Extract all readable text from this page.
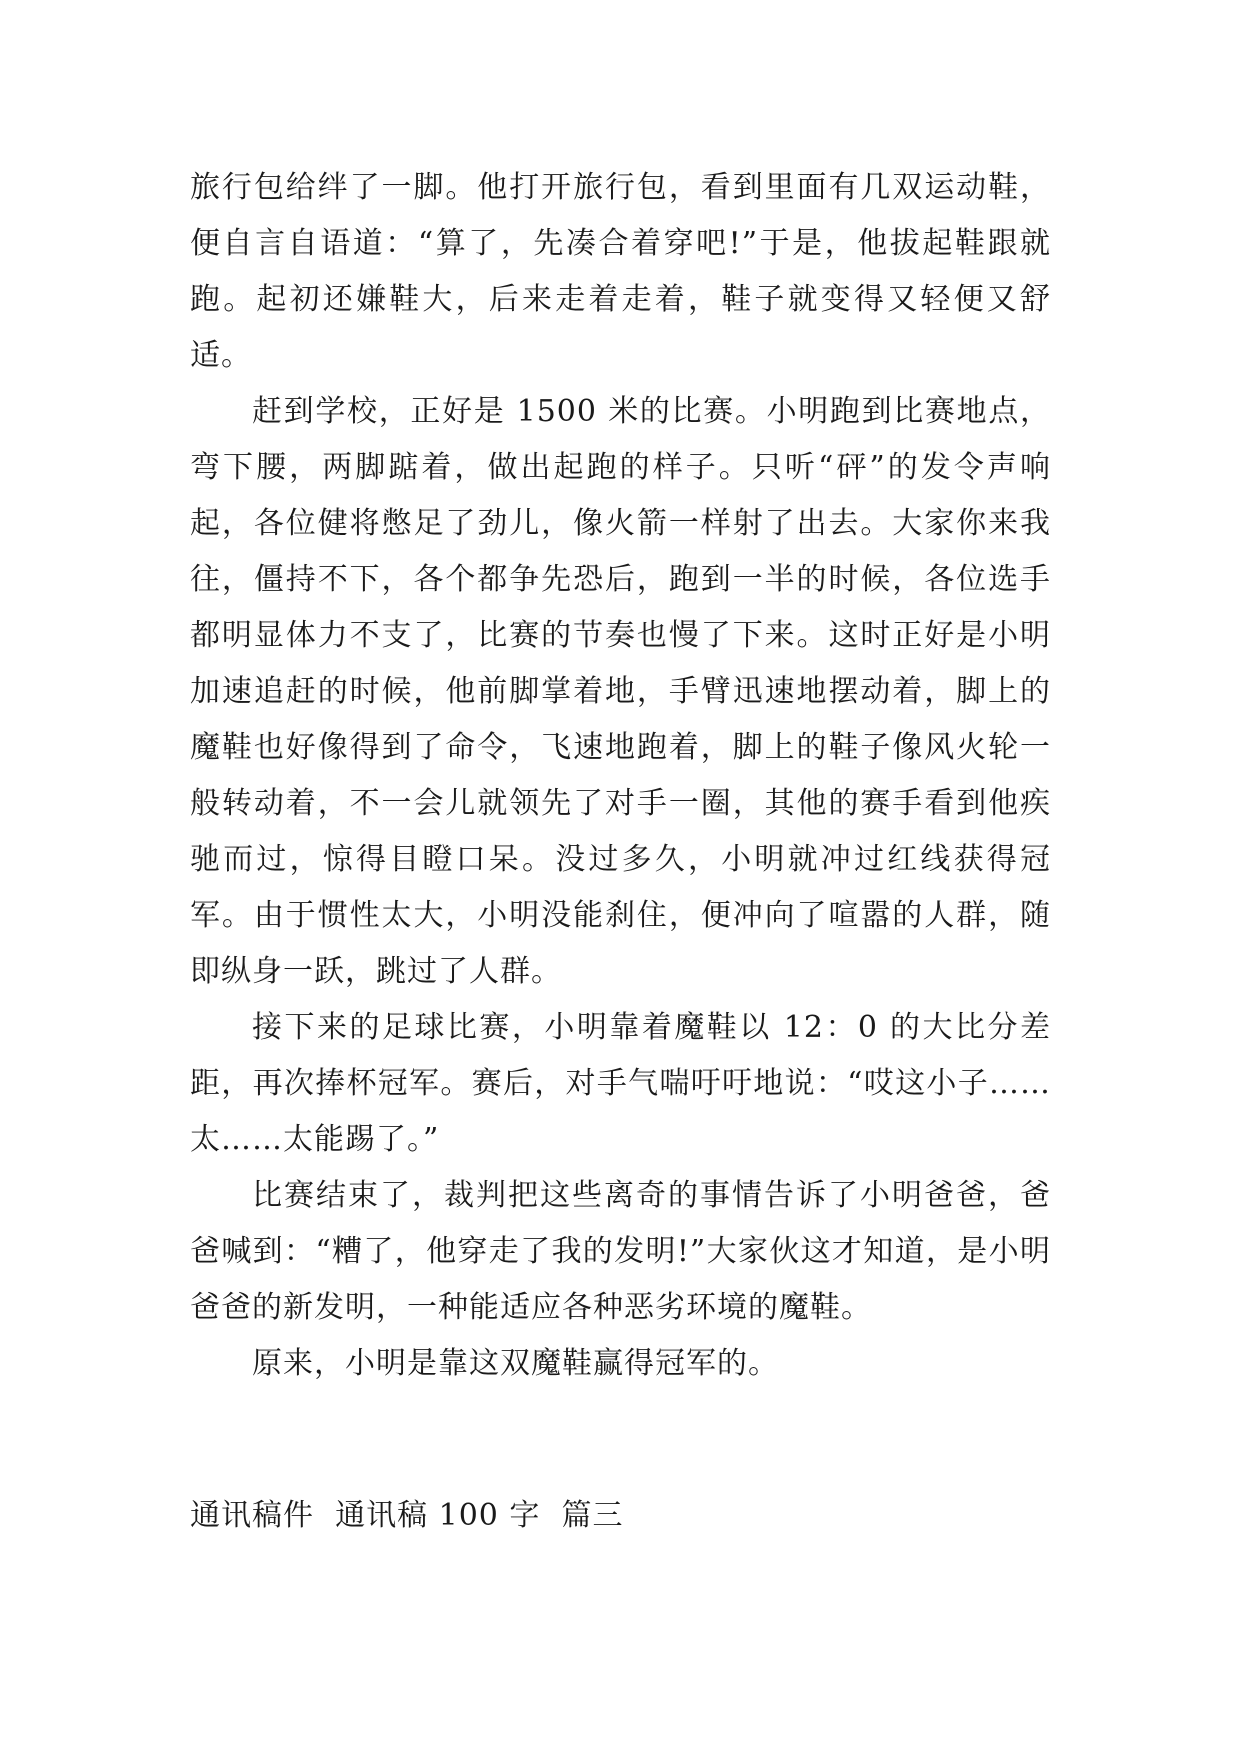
旅行包给绊了一脚。他打开旅行包，看到里面有几双运动鞋，便自言自语道：“算了，先凑合着穿吧!”于是，他拔起鞋跟就跑。起初还嫌鞋大，后来走着走着，鞋子就变得又轻便又舒适。

赶到学校，正好是 1500 米的比赛。小明跑到比赛地点，弯下腰，两脚踮着，做出起跑的样子。只听“砰”的发令声响起，各位健将憋足了劲儿，像火箭一样射了出去。大家你来我往，僵持不下，各个都争先恐后，跑到一半的时候，各位选手都明显体力不支了，比赛的节奏也慢了下来。这时正好是小明加速追赶的时候，他前脚掌着地，手臂迅速地摆动着，脚上的魔鞋也好像得到了命令，飞速地跑着，脚上的鞋子像风火轮一般转动着，不一会儿就领先了对手一圈，其他的赛手看到他疾驰而过，惊得目瞪口呆。没过多久，小明就冲过红线获得冠军。由于惯性太大，小明没能刹住，便冲向了喧嚣的人群，随即纵身一跃，跳过了人群。

接下来的足球比赛，小明靠着魔鞋以 12：0 的大比分差距，再次捧杯冠军。赛后，对手气喘吁吁地说：“哎这小子……太……太能踢了。”

比赛结束了，裁判把这些离奇的事情告诉了小明爸爸，爸爸喊到：“糟了，他穿走了我的发明!”大家伙这才知道，是小明爸爸的新发明，一种能适应各种恶劣环境的魔鞋。

原来，小明是靠这双魔鞋赢得冠军的。

通讯稿件  通讯稿 100 字  篇三
